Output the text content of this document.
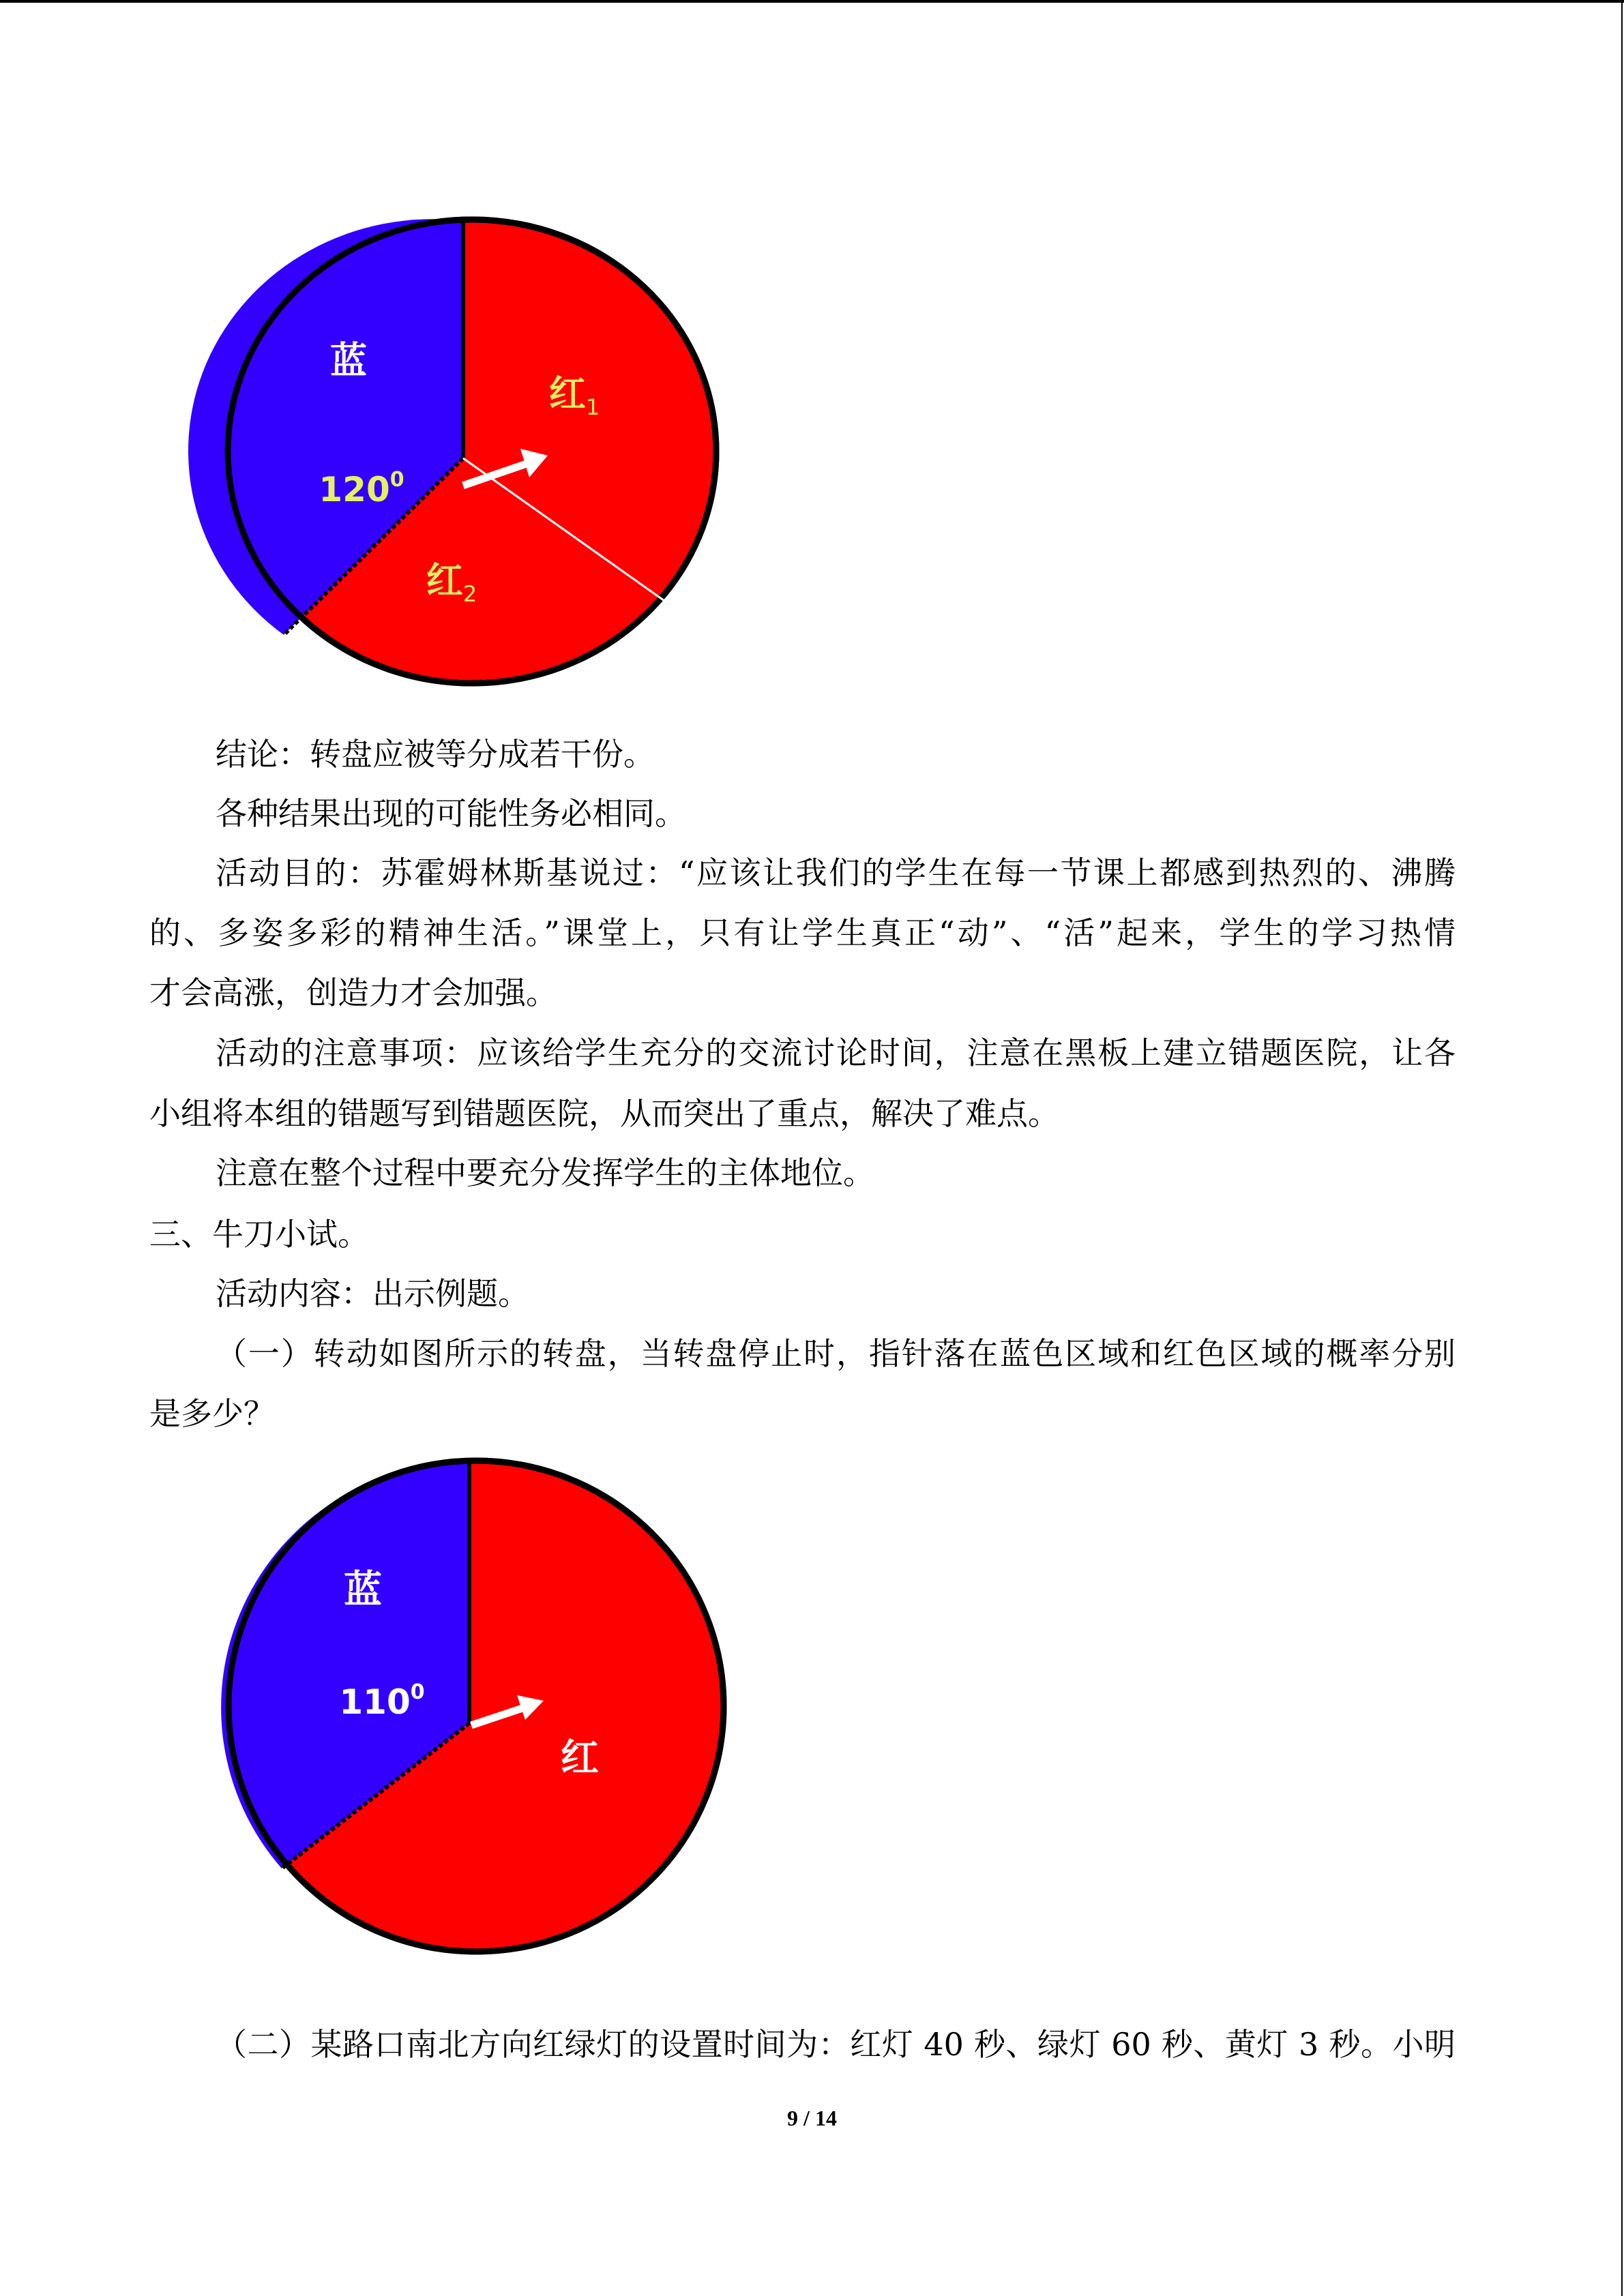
蓝
$120^0$
红$_1$
红$_2$
结论：转盘应被等分成若干份。
各种结果出现的可能性务必相同。
活动目的：苏霍姆林斯基说过：“应该让我们的学生在每一节课上都感到热烈的、沸腾
的、多姿多彩的精神生活。”课堂上，只有让学生真正“动”、“活”起来，学生的学习热情
才会高涨，创造力才会加强。
活动的注意事项：应该给学生充分的交流讨论时间，注意在黑板上建立错题医院，让各
小组将本组的错题写到错题医院，从而突出了重点，解决了难点。
注意在整个过程中要充分发挥学生的主体地位。
三、牛刀小试。
活动内容：出示例题。
（一）转动如图所示的转盘，当转盘停止时，指针落在蓝色区域和红色区域的概率分别
是多少？
蓝
$110^0$
红
（二）某路口南北方向红绿灯的设置时间为：红灯 40 秒、绿灯 60 秒、黄灯 3 秒。小明
9 / 14
